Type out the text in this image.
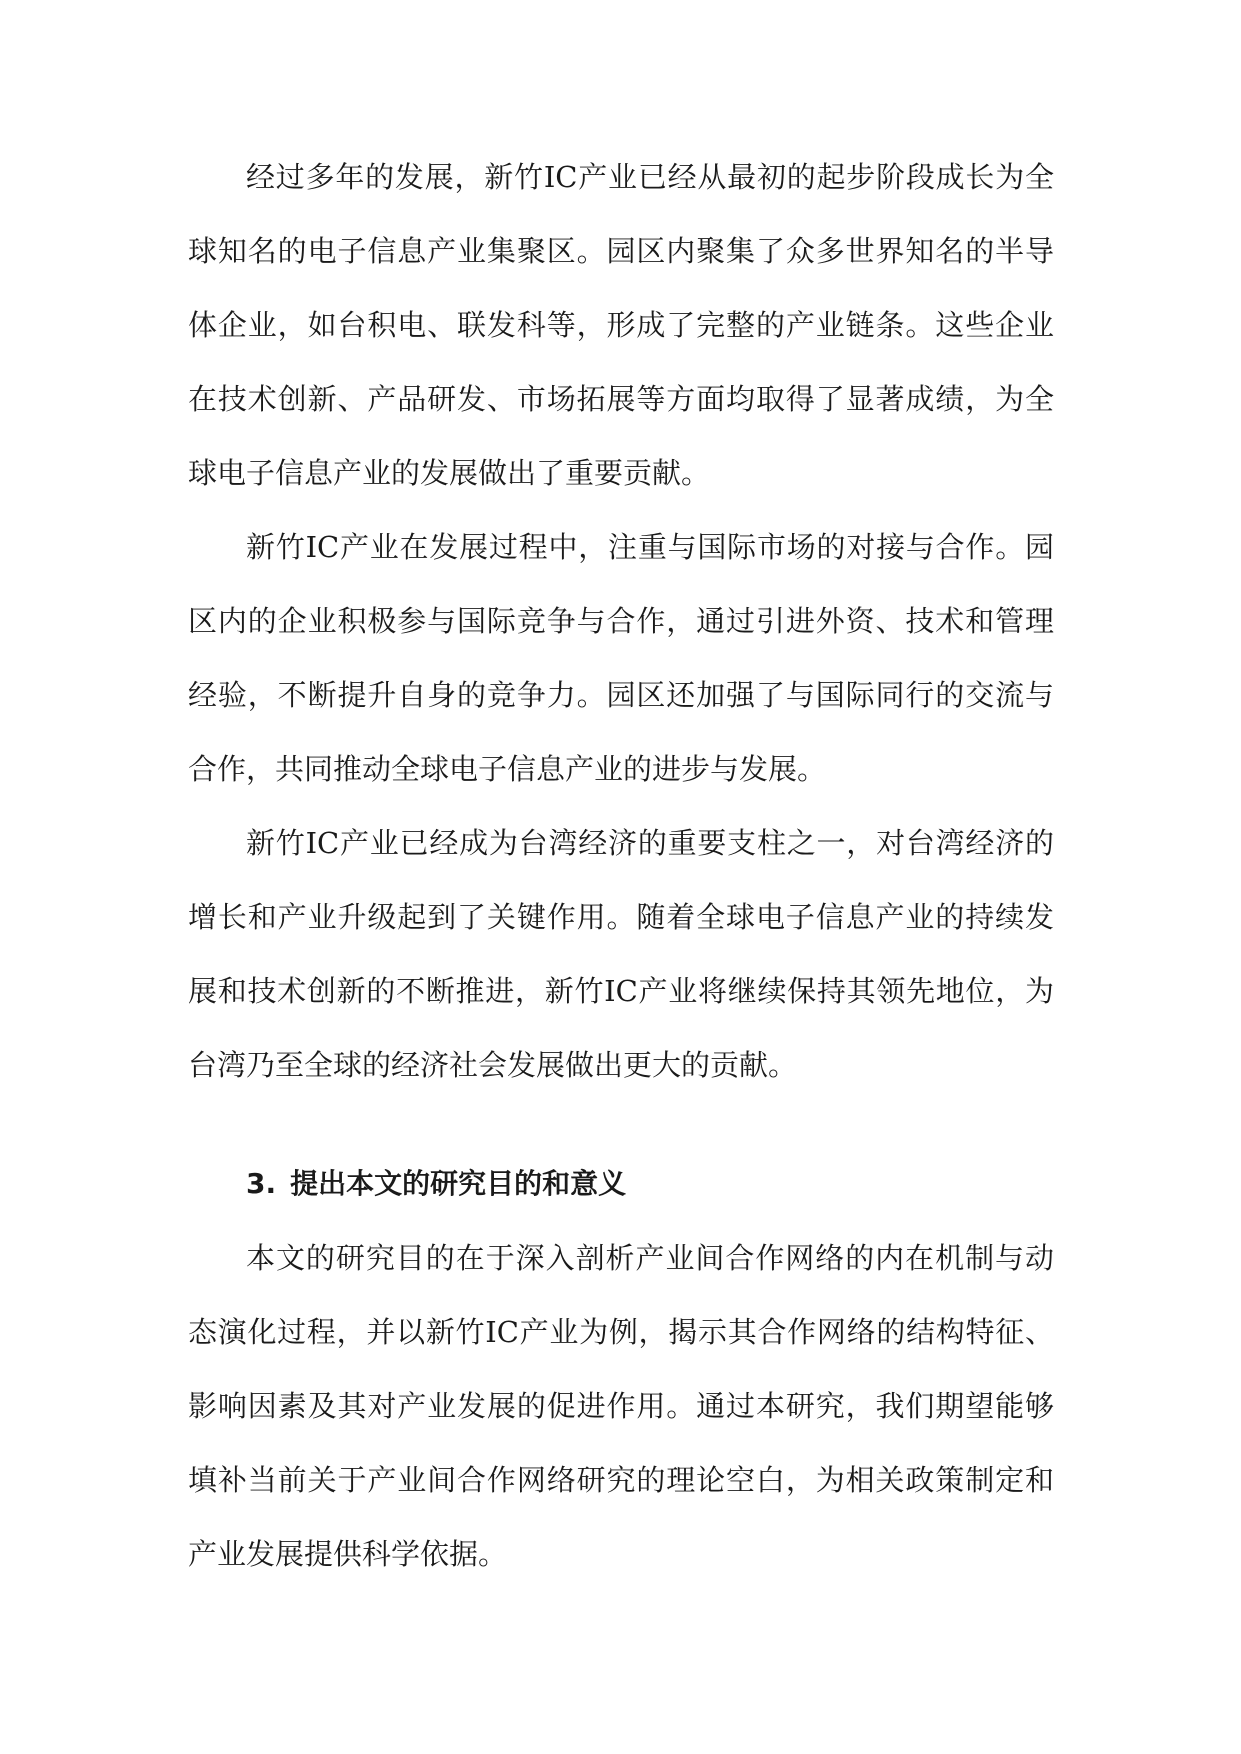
经过多年的发展，新竹IC产业已经从最初的起步阶段成长为全球知名的电子信息产业集聚区。园区内聚集了众多世界知名的半导体企业，如台积电、联发科等，形成了完整的产业链条。这些企业在技术创新、产品研发、市场拓展等方面均取得了显著成绩，为全球电子信息产业的发展做出了重要贡献。

新竹IC产业在发展过程中，注重与国际市场的对接与合作。园区内的企业积极参与国际竞争与合作，通过引进外资、技术和管理经验，不断提升自身的竞争力。园区还加强了与国际同行的交流与合作，共同推动全球电子信息产业的进步与发展。

新竹IC产业已经成为台湾经济的重要支柱之一，对台湾经济的增长和产业升级起到了关键作用。随着全球电子信息产业的持续发展和技术创新的不断推进，新竹IC产业将继续保持其领先地位，为台湾乃至全球的经济社会发展做出更大的贡献。

3. 提出本文的研究目的和意义

本文的研究目的在于深入剖析产业间合作网络的内在机制与动态演化过程，并以新竹IC产业为例，揭示其合作网络的结构特征、影响因素及其对产业发展的促进作用。通过本研究，我们期望能够填补当前关于产业间合作网络研究的理论空白，为相关政策制定和产业发展提供科学依据。
